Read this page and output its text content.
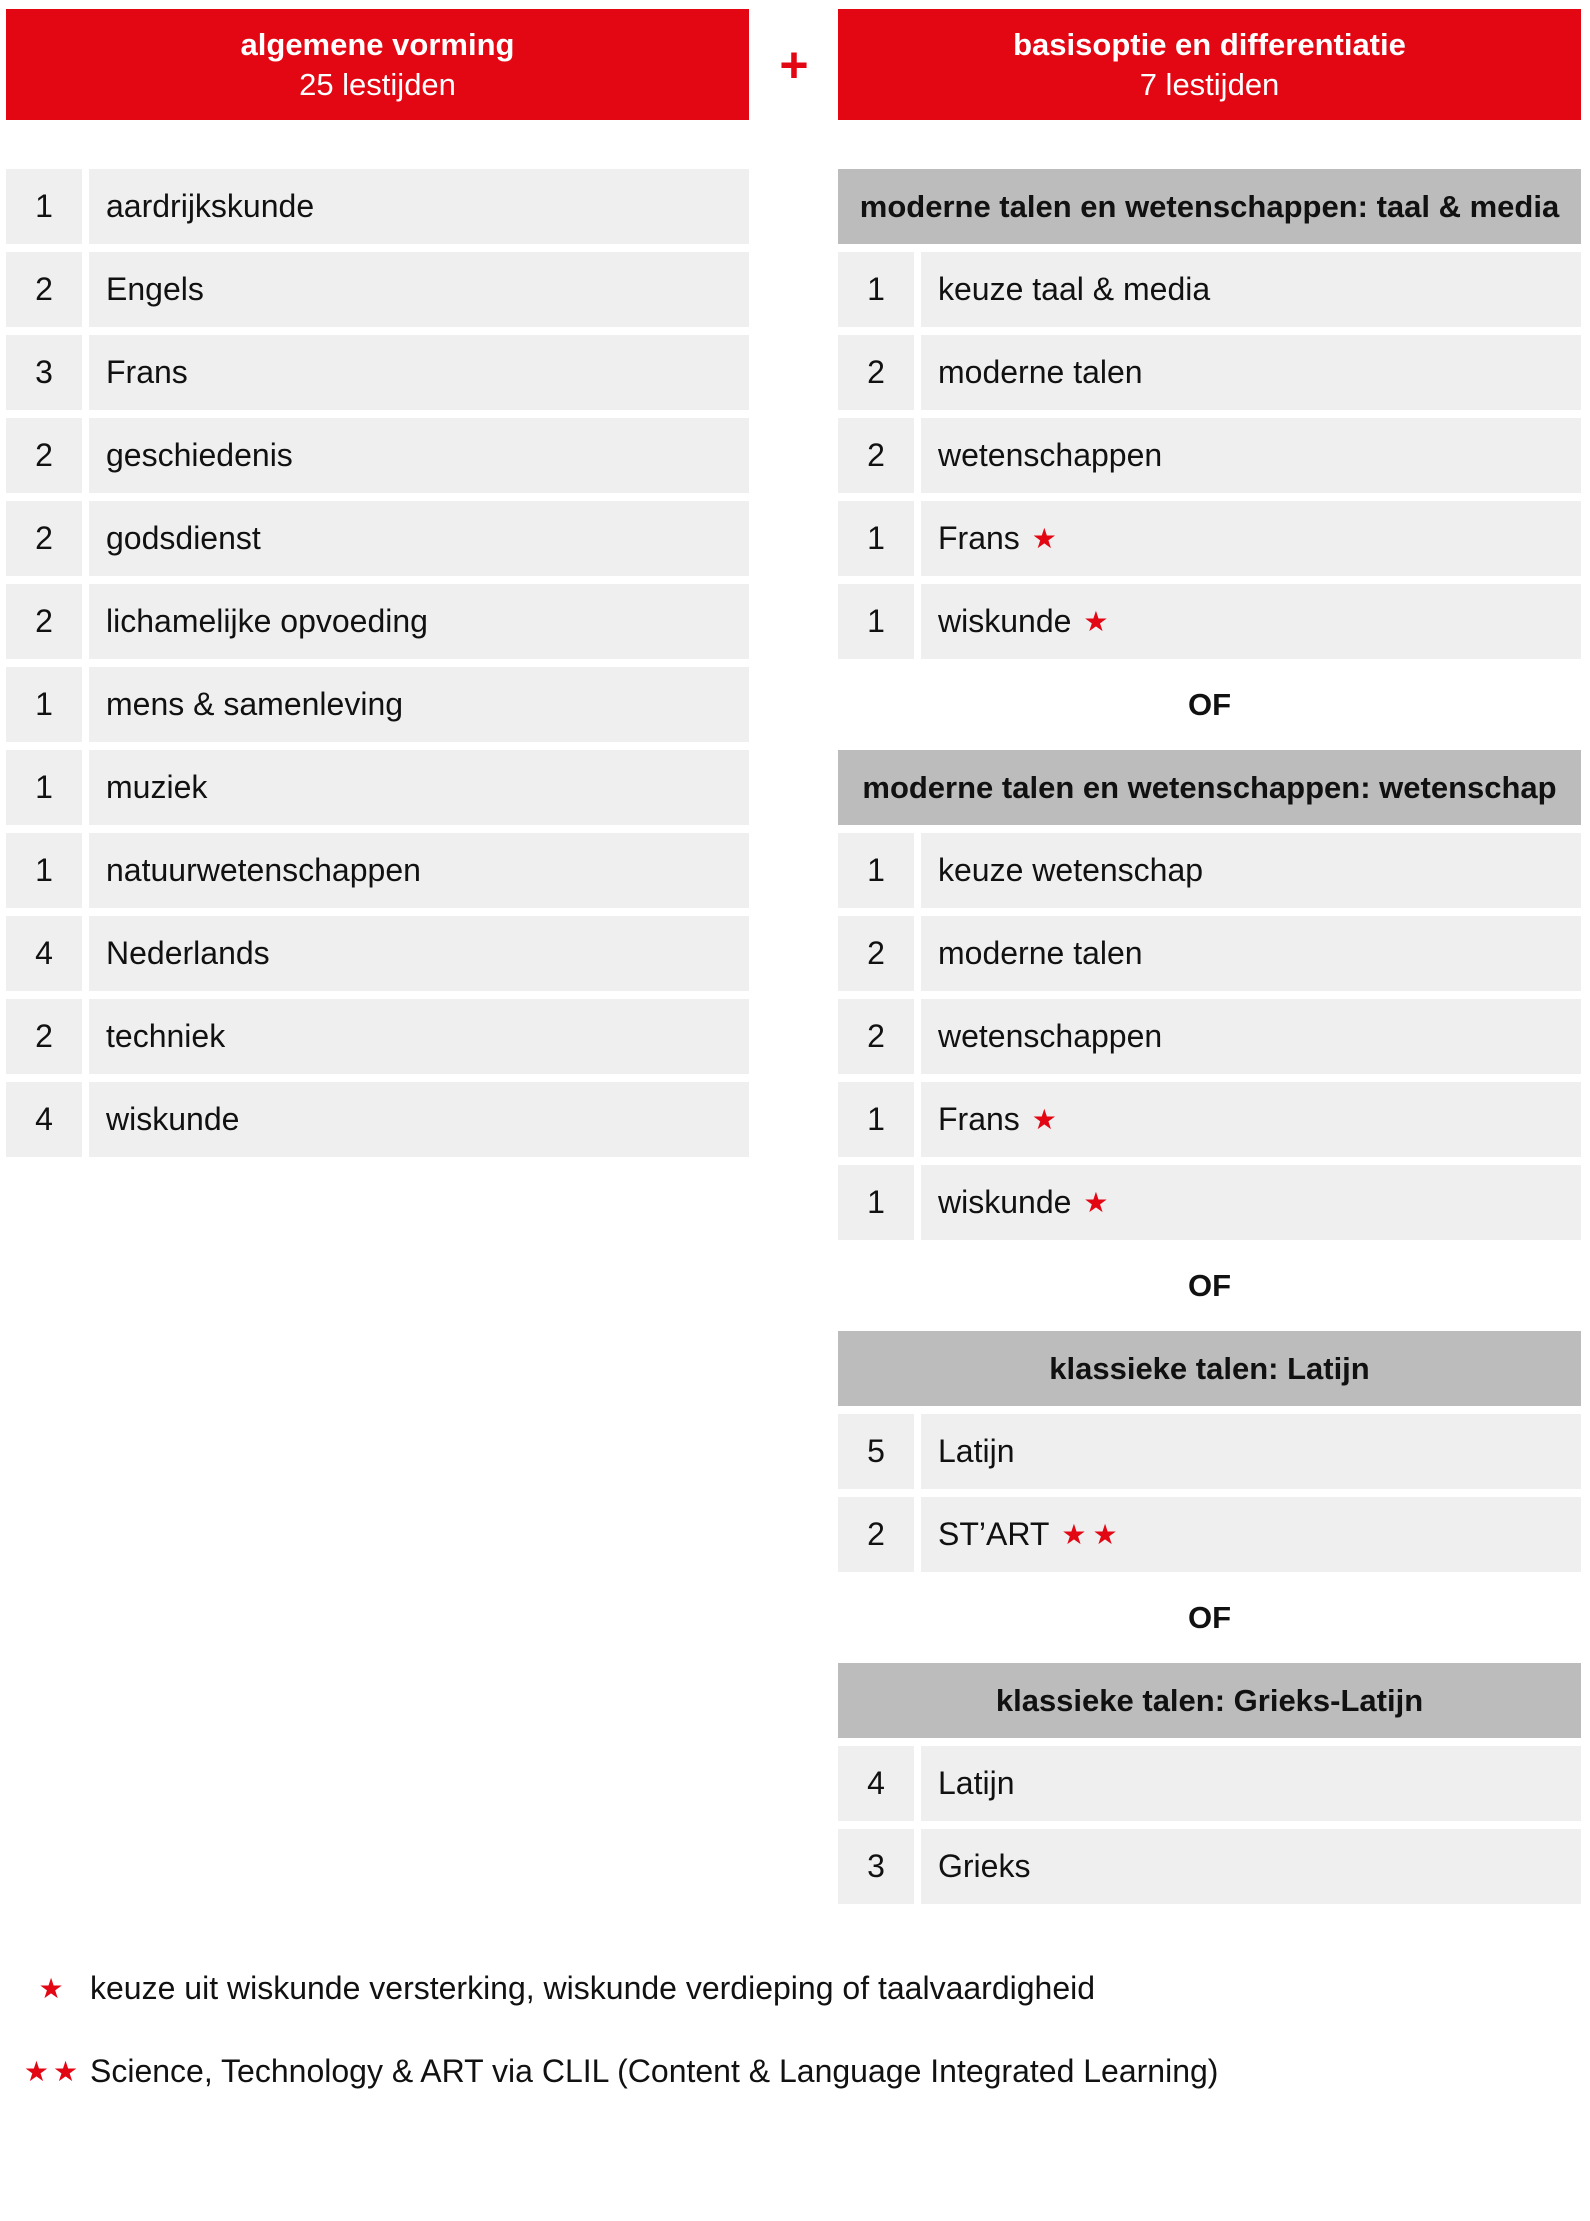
algemene vorming
25 lestijden	+	basisoptie en differentiatie
7 lestijden
1	aardrijkskunde
2	Engels
3	Frans
2	geschiedenis
2	godsdienst
2	lichamelijke opvoeding
1	mens & samenleving
1	muziek
1	natuurwetenschappen
4	Nederlands
2	techniek
4	wiskunde
moderne talen en wetenschappen: taal & media
1	keuze taal & media
2	moderne talen
2	wetenschappen
1	Frans ★
1	wiskunde ★
OF
moderne talen en wetenschappen: wetenschap
1	keuze wetenschap
2	moderne talen
2	wetenschappen
1	Frans ★
1	wiskunde ★
OF
klassieke talen: Latijn
5	Latijn
2	ST’ART ★★
OF
klassieke talen: Grieks-Latijn
4	Latijn
3	Grieks
★ keuze uit wiskunde versterking, wiskunde verdieping of taalvaardigheid
★★ Science, Technology & ART via CLIL (Content & Language Integrated Learning)
